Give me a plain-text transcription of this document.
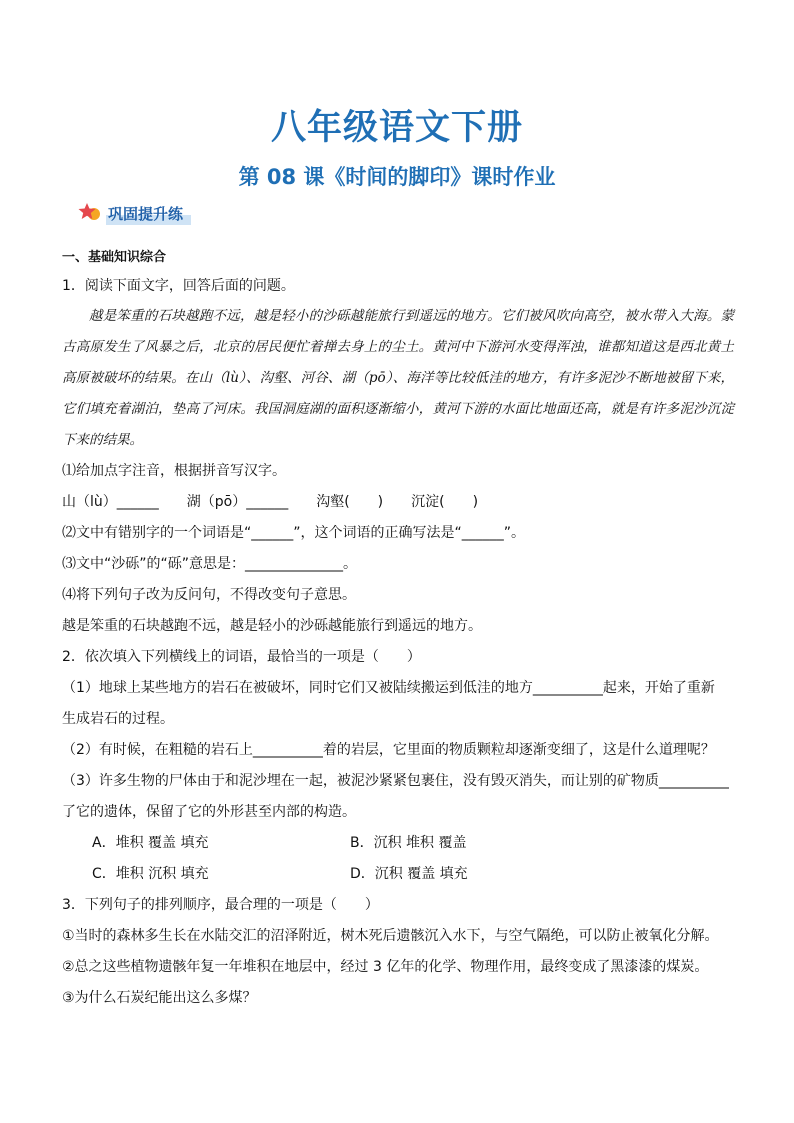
八年级语文下册
第 08 课《时间的脚印》课时作业
巩固提升练
一、基础知识综合
1．阅读下面文字，回答后面的问题。
越是笨重的石块越跑不远，越是轻小的沙砾越能旅行到遥远的地方。它们被风吹向高空，被水带入大海。蒙古高原发生了风暴之后，北京的居民便忙着掸去身上的尘土。黄河中下游河水变得浑浊，谁都知道这是西北黄土高原被破坏的结果。在山（lù）、沟壑、河谷、湖（pō）、海洋等比较低洼的地方，有许多泥沙不断地被留下来，它们填充着湖泊，垫高了河床。我国洞庭湖的面积逐渐缩小，黄河下游的水面比地面还高，就是有许多泥沙沉淀下来的结果。
⑴给加点字注音，根据拼音写汉字。
山（lù）______　　湖（pō）______　　沟壑(　　)　　沉淀(　　)
⑵文中有错别字的一个词语是“______”，这个词语的正确写法是“______”。
⑶文中“沙砾”的“砾”意思是：______________。
⑷将下列句子改为反问句，不得改变句子意思。
越是笨重的石块越跑不远，越是轻小的沙砾越能旅行到遥远的地方。
2．依次填入下列横线上的词语，最恰当的一项是（　　）
（1）地球上某些地方的岩石在被破坏，同时它们又被陆续搬运到低洼的地方__________起来，开始了重新
生成岩石的过程。
（2）有时候，在粗糙的岩石上__________着的岩层，它里面的物质颗粒却逐渐变细了，这是什么道理呢？
（3）许多生物的尸体由于和泥沙埋在一起，被泥沙紧紧包裹住，没有毁灭消失，而让别的矿物质__________
了它的遗体，保留了它的外形甚至内部的构造。
A．堆积 覆盖 填充	B．沉积 堆积 覆盖
C．堆积 沉积 填充	D．沉积 覆盖 填充
3．下列句子的排列顺序，最合理的一项是（　　）
①当时的森林多生长在水陆交汇的沼泽附近，树木死后遗骸沉入水下，与空气隔绝，可以防止被氧化分解。
②总之这些植物遗骸年复一年堆积在地层中，经过 3 亿年的化学、物理作用，最终变成了黑漆漆的煤炭。
③为什么石炭纪能出这么多煤？
